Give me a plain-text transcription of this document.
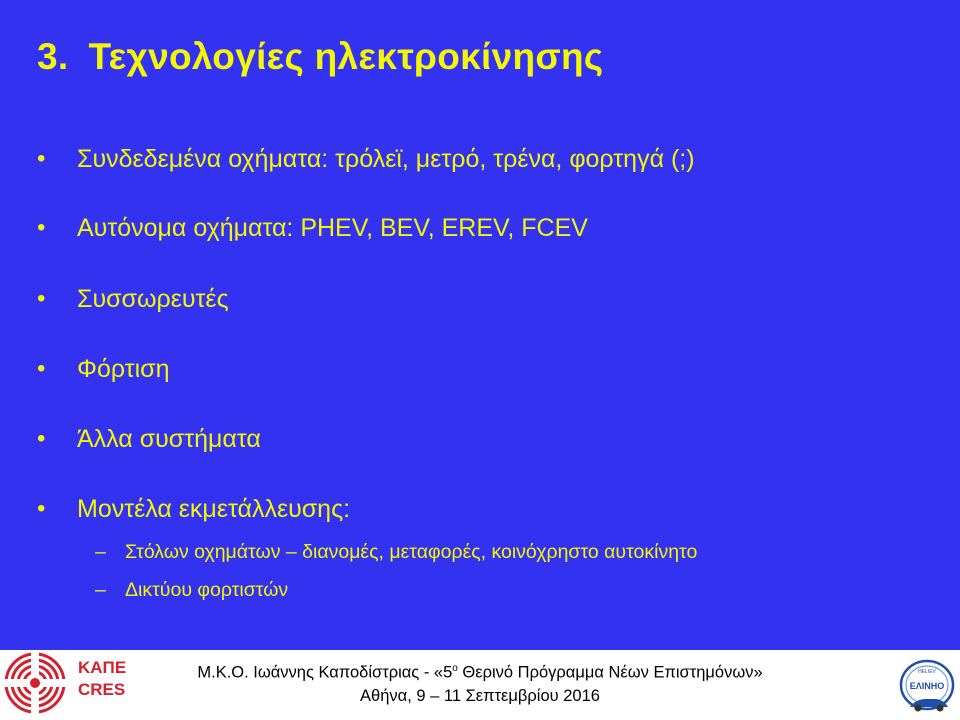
3. Τεχνολογίες ηλεκτροκίνησης
• Συνδεδεμένα οχήματα: τρόλεϊ, μετρό, τρένα, φορτηγά (;)
• Αυτόνομα οχήματα: PHEV, BEV, EREV, FCEV
• Συσσωρευτές
• Φόρτιση
• Άλλα συστήματα
• Μοντέλα εκμετάλλευσης:
– Στόλων οχημάτων – διανομές, μεταφορές, κοινόχρηστο αυτοκίνητο
– Δικτύου φορτιστών
ΚΑΠΕ
CRES
Μ.Κ.Ο. Ιωάννης Καποδίστριας - «$5^o$ Θερινό Πρόγραμμα Νέων Επιστημόνων»
Αθήνα, 9 – 11 Σεπτεμβρίου 2016
HELIEV
ΕΛΙΝΗΟ
